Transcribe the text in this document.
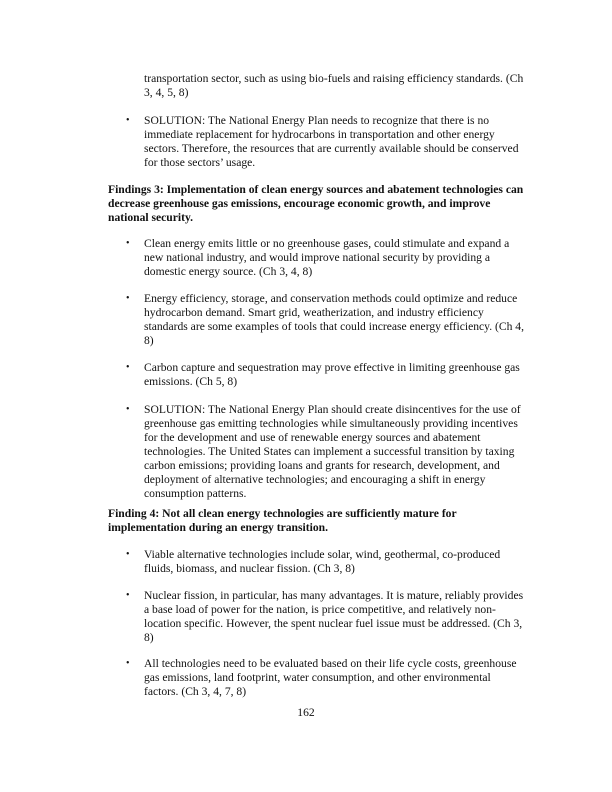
transportation sector, such as using bio-fuels and raising efficiency standards. (Ch
3, 4, 5, 8)
• SOLUTION: The National Energy Plan needs to recognize that there is no
immediate replacement for hydrocarbons in transportation and other energy
sectors. Therefore, the resources that are currently available should be conserved
for those sectors’ usage.
Findings 3: Implementation of clean energy sources and abatement technologies can
decrease greenhouse gas emissions, encourage economic growth, and improve
national security.
• Clean energy emits little or no greenhouse gases, could stimulate and expand a
new national industry, and would improve national security by providing a
domestic energy source. (Ch 3, 4, 8)
• Energy efficiency, storage, and conservation methods could optimize and reduce
hydrocarbon demand. Smart grid, weatherization, and industry efficiency
standards are some examples of tools that could increase energy efficiency. (Ch 4,
8)
• Carbon capture and sequestration may prove effective in limiting greenhouse gas
emissions. (Ch 5, 8)
• SOLUTION: The National Energy Plan should create disincentives for the use of
greenhouse gas emitting technologies while simultaneously providing incentives
for the development and use of renewable energy sources and abatement
technologies. The United States can implement a successful transition by taxing
carbon emissions; providing loans and grants for research, development, and
deployment of alternative technologies; and encouraging a shift in energy
consumption patterns.
Finding 4: Not all clean energy technologies are sufficiently mature for
implementation during an energy transition.
• Viable alternative technologies include solar, wind, geothermal, co-produced
fluids, biomass, and nuclear fission. (Ch 3, 8)
• Nuclear fission, in particular, has many advantages. It is mature, reliably provides
a base load of power for the nation, is price competitive, and relatively non-
location specific. However, the spent nuclear fuel issue must be addressed. (Ch 3,
8)
• All technologies need to be evaluated based on their life cycle costs, greenhouse
gas emissions, land footprint, water consumption, and other environmental
factors. (Ch 3, 4, 7, 8)
162
